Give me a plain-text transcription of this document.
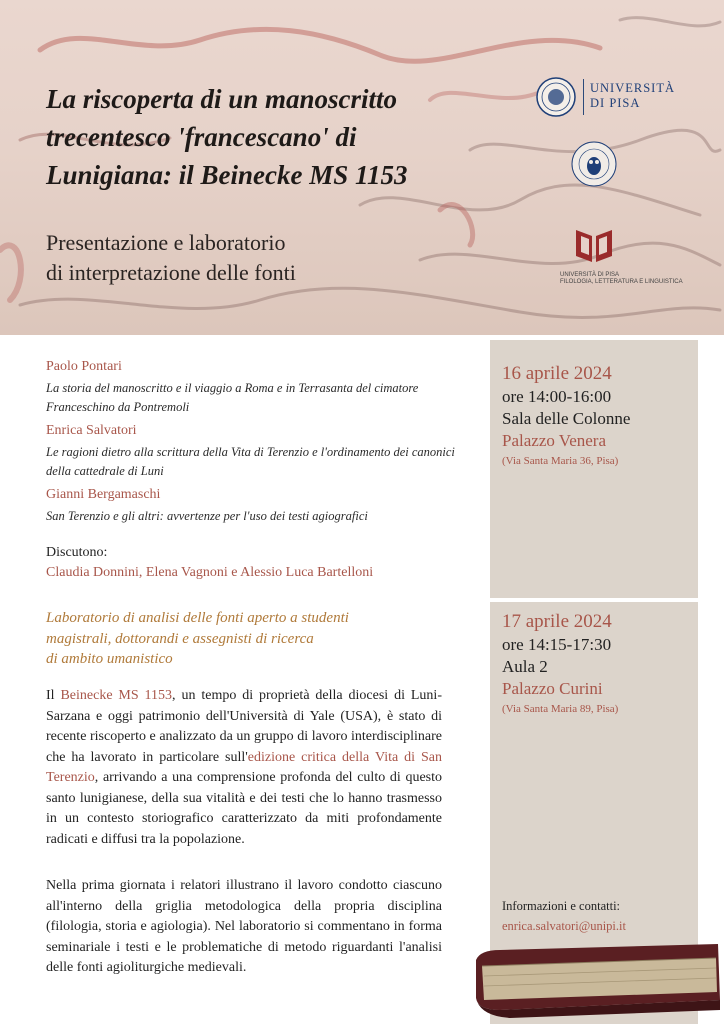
La riscoperta di un manoscritto trecentesco 'francescano' di Lunigiana: il Beinecke MS 1153
Presentazione e laboratorio
di interpretazione delle fonti
UNIVERSITÀ
DI PISA
UNIVERSITÀ DI PISA
FILOLOGIA, LETTERATURA E LINGUISTICA

Paolo Pontari

La storia del manoscritto e il viaggio a Roma e in Terrasanta del cimatore Franceschino da Pontremoli

Enrica Salvatori

Le ragioni dietro alla scrittura della Vita di Terenzio e l'ordinamento dei canonici della cattedrale di Luni

Gianni Bergamaschi

San Terenzio e gli altri: avvertenze per l'uso dei testi agiografici

Discutono:

Claudia Donnini, Elena Vagnoni e Alessio Luca Bartelloni

Laboratorio di analisi delle fonti aperto a studenti
magistrali, dottorandi e assegnisti di ricerca
di ambito umanistico

Il Beinecke MS 1153, un tempo di proprietà della diocesi di Luni-Sarzana e oggi patrimonio dell'Università di Yale (USA), è stato di recente riscoperto e analizzato da un gruppo di lavoro interdisciplinare che ha lavorato in particolare sull'edizione critica della Vita di San Terenzio, arrivando a una comprensione profonda del culto di questo santo lunigianese, della sua vitalità e dei testi che lo hanno trasmesso in un contesto storiografico caratterizzato da miti profondamente radicati e diffusi tra la popolazione.

Nella prima giornata i relatori illustrano il lavoro condotto ciascuno all'interno della griglia metodologica della propria disciplina (filologia, storia e agiologia). Nel laboratorio si commentano in forma seminariale i testi e le problematiche di metodo riguardanti l'analisi delle fonti agioliturgiche medievali.

16 aprile 2024

ore 14:00-16:00

Sala delle Colonne

Palazzo Venera

(Via Santa Maria 36, Pisa)

17 aprile 2024

ore 14:15-17:30

Aula 2

Palazzo Curini

(Via Santa Maria 89, Pisa)

Informazioni e contatti:

enrica.salvatori@unipi.it
